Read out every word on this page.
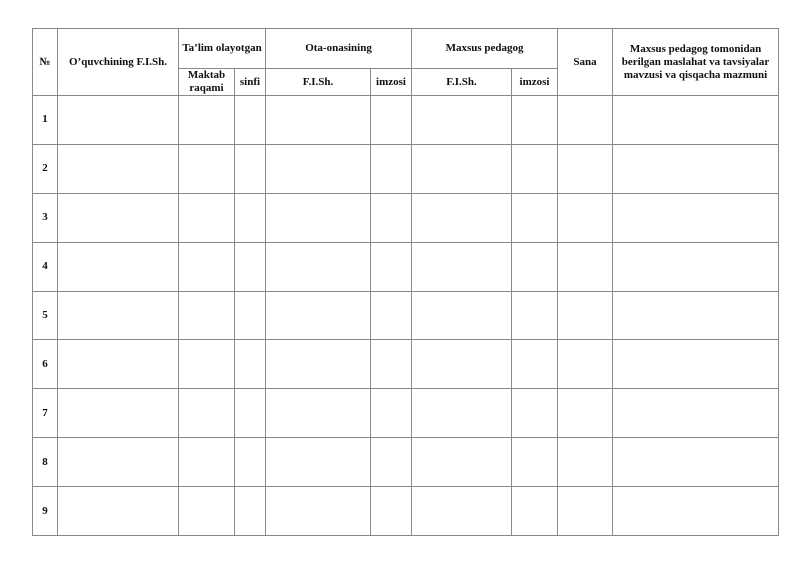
№	O’quvchining F.I.Sh.	Ta’lim olayotgan		Ota-onasining		Maxsus pedagog		Sana	Maxsus pedagog tomonidan berilgan maslahat va tavsiyalar mavzusi va qisqacha mazmuni
		Maktab raqami	sinfi	F.I.Sh.	imzosi	F.I.Sh.	imzosi		
1									
2									
3									
4									
5									
6									
7									
8									
9									
